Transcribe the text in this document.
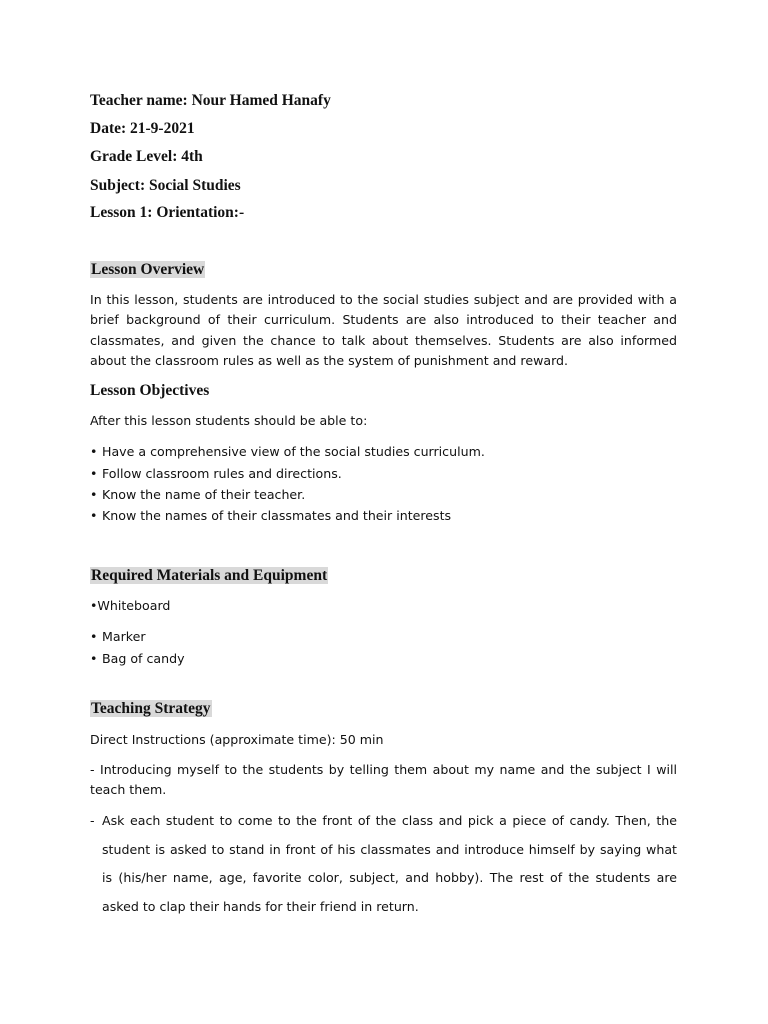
Teacher name: Nour Hamed Hanafy
Date: 21-9-2021
Grade Level: 4th
Subject: Social Studies
Lesson 1: Orientation:-
Lesson Overview
In this lesson, students are introduced to the social studies subject and are provided with a brief background of their curriculum. Students are also introduced to their teacher and classmates, and given the chance to talk about themselves. Students are also informed about the classroom rules as well as the system of punishment and reward.
Lesson Objectives
After this lesson students should be able to:
• Have a comprehensive view of the social studies curriculum.
• Follow classroom rules and directions.
• Know the name of their teacher.
• Know the names of their classmates and their interests
Required Materials and Equipment
•Whiteboard
• Marker
• Bag of candy
Teaching Strategy
Direct Instructions (approximate time): 50 min
- Introducing myself to the students by telling them about my name and the subject I will teach them.
- Ask each student to come to the front of the class and pick a piece of candy. Then, the student is asked to stand in front of his classmates and introduce himself by saying what is (his/her name, age, favorite color, subject, and hobby). The rest of the students are asked to clap their hands for their friend in return.
